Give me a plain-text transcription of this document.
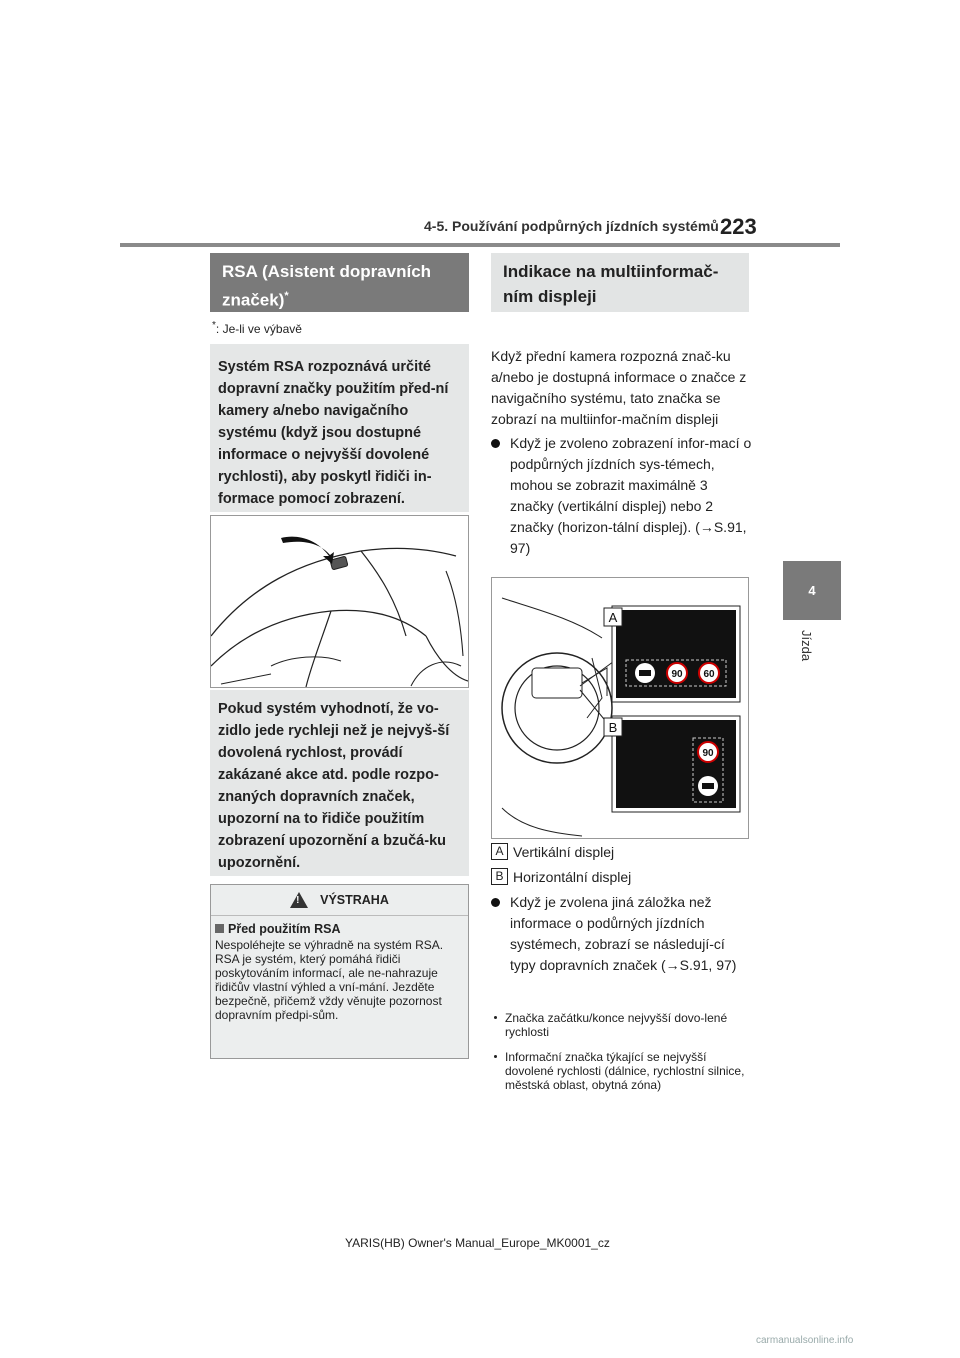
4-5. Používání podpůrných jízdních systémů 223
4
Jízda
RSA (Asistent dopravních značek)*
*: Je-li ve výbavě
Systém RSA rozpoznává určité dopravní značky použitím před-ní kamery a/nebo navigačního systému (když jsou dostupné informace o nejvyšší dovolené rychlosti), aby poskytl řidiči in-formace pomocí zobrazení.
Pokud systém vyhodnotí, že vo-zidlo jede rychleji než je nejvyš-ší dovolená rychlost, provádí zakázané akce atd. podle rozpo-znaných dopravních značek, upozorní na to řidiče použitím zobrazení upozornění a bzučá-ku upozornění.
! VÝSTRAHA
Před použitím RSA
Nespoléhejte se výhradně na systém RSA. RSA je systém, který pomáhá řidiči poskytováním informací, ale ne-nahrazuje řidičův vlastní výhled a vní-mání. Jezděte bezpečně, přičemž vždy věnujte pozornost dopravním předpi-sům.
Indikace na multiinformač-ním displeji
Když přední kamera rozpozná znač-ku a/nebo je dostupná informace o značce z navigačního systému, tato značka se zobrazí na multiinfor-mačním displeji
Když je zvoleno zobrazení infor-mací o podpůrných jízdních sys-témech, mohou se zobrazit maximálně 3 značky (vertikální displej) nebo 2 značky (horizon-tální displej). (→S.91, 97)
90 60
90
A
B
A Vertikální displej
B Horizontální displej
Když je zvolena jiná záložka než informace o podůrných jízdních systémech, zobrazí se následují-cí typy dopravních značek (→S.91, 97)
Značka začátku/konce nejvyšší dovo-lené rychlosti
Informační značka týkající se nejvyšší dovolené rychlosti (dálnice, rychlostní silnice, městská oblast, obytná zóna)
YARIS(HB) Owner's Manual_Europe_MK0001_cz
carmanualsonline.info
